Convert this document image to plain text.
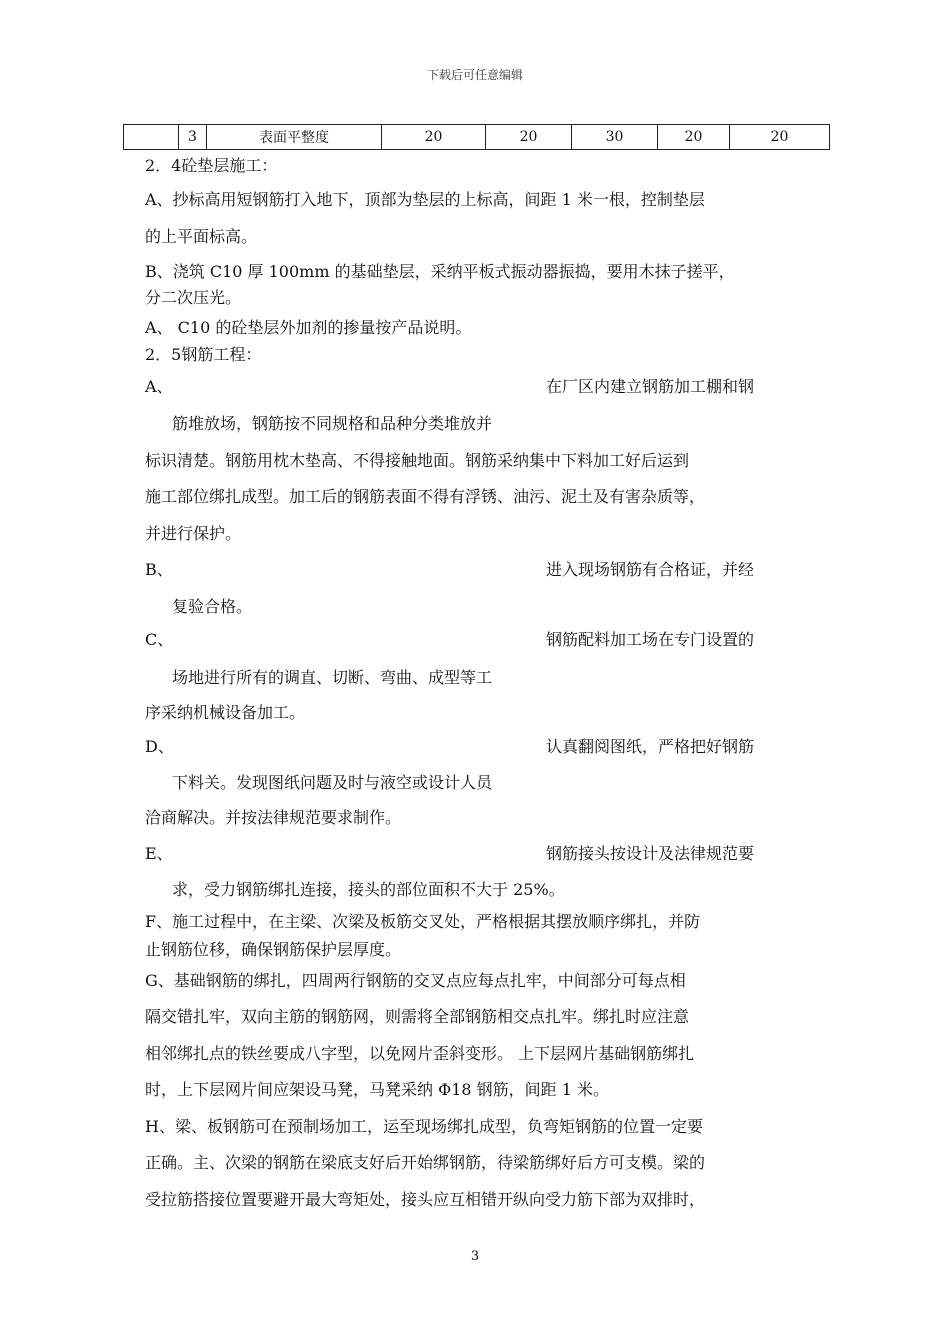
下载后可任意编辑
	3	表面平整度	20	20	30	20	20
2．4砼垫层施工：
A、抄标高用短钢筋打入地下，顶部为垫层的上标高，间距 1 米一根，控制垫层
的上平面标高。
B、浇筑 C10 厚 100mm 的基础垫层，采纳平板式振动器振捣，要用木抹子搓平，
分二次压光。
A、 C10 的砼垫层外加剂的掺量按产品说明。
2．5钢筋工程：
A、	在厂区内建立钢筋加工棚和钢
筋堆放场，钢筋按不同规格和品种分类堆放并
标识清楚。钢筋用枕木垫高、不得接触地面。钢筋采纳集中下料加工好后运到
施工部位绑扎成型。加工后的钢筋表面不得有浮锈、油污、泥土及有害杂质等，
并进行保护。
B、	进入现场钢筋有合格证，并经
复验合格。
C、	钢筋配料加工场在专门设置的
场地进行所有的调直、切断、弯曲、成型等工
序采纳机械设备加工。
D、	认真翻阅图纸，严格把好钢筋
下料关。发现图纸问题及时与液空或设计人员
洽商解决。并按法律规范要求制作。
E、	钢筋接头按设计及法律规范要
求，受力钢筋绑扎连接，接头的部位面积不大于 25%。
F、施工过程中，在主梁、次梁及板筋交叉处，严格根据其摆放顺序绑扎，并防
止钢筋位移，确保钢筋保护层厚度。
G、基础钢筋的绑扎，四周两行钢筋的交叉点应每点扎牢，中间部分可每点相
隔交错扎牢，双向主筋的钢筋网，则需将全部钢筋相交点扎牢。绑扎时应注意
相邻绑扎点的铁丝要成八字型，以免网片歪斜变形。 上下层网片基础钢筋绑扎
时，上下层网片间应架设马凳，马凳采纳 Φ18 钢筋，间距 1 米。
H、梁、板钢筋可在预制场加工，运至现场绑扎成型，负弯矩钢筋的位置一定要
正确。主、次梁的钢筋在梁底支好后开始绑钢筋，待梁筋绑好后方可支模。梁的
受拉筋搭接位置要避开最大弯矩处，接头应互相错开纵向受力筋下部为双排时，
3
